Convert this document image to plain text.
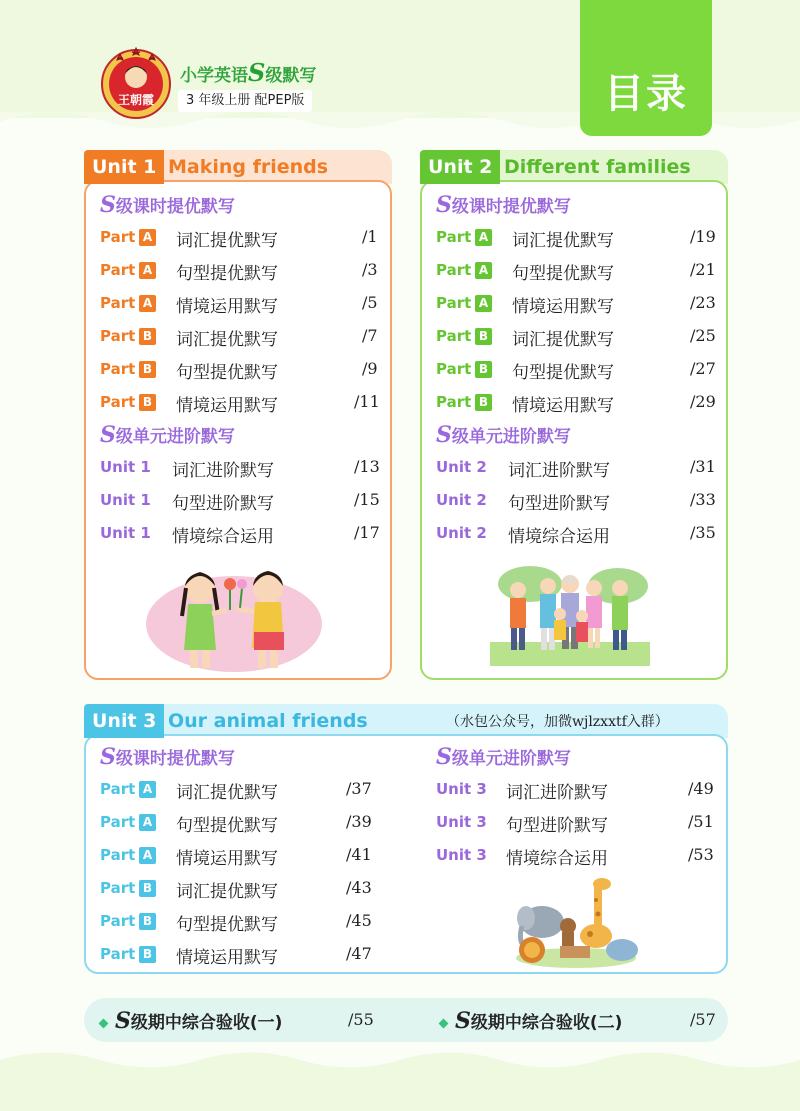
王朝霞
小学英语S级默写
3 年级上册 配PEP版	目录
Unit 1 Making friends
S级课时提优默写
Part A 词汇提优默写	/1
Part A 句型提优默写	/3
Part A 情境运用默写	/5
Part B 词汇提优默写	/7
Part B 句型提优默写	/9
Part B 情境运用默写	/11
S级单元进阶默写
Unit 1 词汇进阶默写	/13
Unit 1 句型进阶默写	/15
Unit 1 情境综合运用	/17
Unit 2 Different families
S级课时提优默写
Part A 词汇提优默写	/19
Part A 句型提优默写	/21
Part A 情境运用默写	/23
Part B 词汇提优默写	/25
Part B 句型提优默写	/27
Part B 情境运用默写	/29
S级单元进阶默写
Unit 2 词汇进阶默写	/31
Unit 2 句型进阶默写	/33
Unit 2 情境综合运用	/35
Unit 3 Our animal friends	（水包公众号，加微wjlzxxtf入群）
S级课时提优默写
Part A 词汇提优默写	/37
Part A 句型提优默写	/39
Part A 情境运用默写	/41
Part B 词汇提优默写	/43
Part B 句型提优默写	/45
Part B 情境运用默写	/47
S级单元进阶默写
Unit 3 词汇进阶默写	/49
Unit 3 句型进阶默写	/51
Unit 3 情境综合运用	/53
S级期中综合验收(一)	/55	S级期中综合验收(二)	/57
